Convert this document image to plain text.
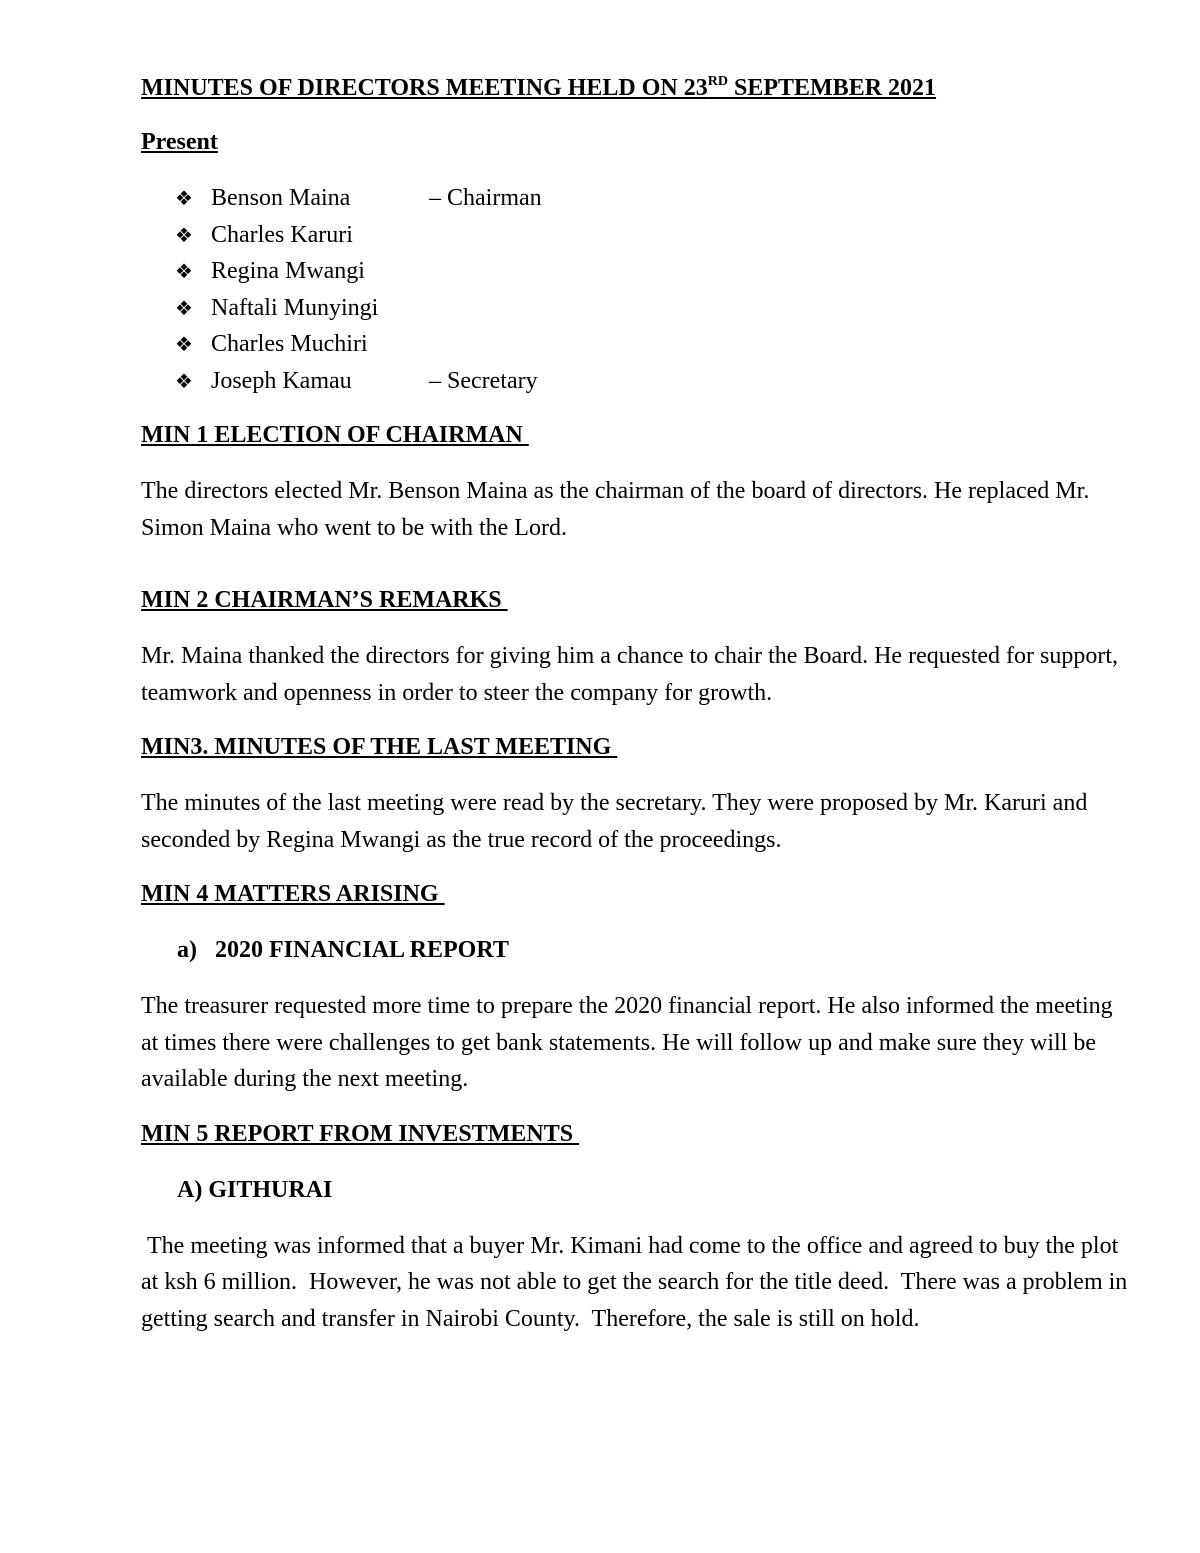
MINUTES OF DIRECTORS MEETING HELD ON 23RD SEPTEMBER 2021

Present

❖ Benson Maina	– Chairman
❖ Charles Karuri
❖ Regina Mwangi
❖ Naftali Munyingi
❖ Charles Muchiri
❖ Joseph Kamau	– Secretary

MIN 1 ELECTION OF CHAIRMAN

The directors elected Mr. Benson Maina as the chairman of the board of directors. He replaced Mr. Simon Maina who went to be with the Lord.

MIN 2 CHAIRMAN’S REMARKS

Mr. Maina thanked the directors for giving him a chance to chair the Board. He requested for support, teamwork and openness in order to steer the company for growth.

MIN3. MINUTES OF THE LAST MEETING

The minutes of the last meeting were read by the secretary. They were proposed by Mr. Karuri and seconded by Regina Mwangi as the true record of the proceedings.

MIN 4 MATTERS ARISING

a)   2020 FINANCIAL REPORT

The treasurer requested more time to prepare the 2020 financial report. He also informed the meeting at times there were challenges to get bank statements. He will follow up and make sure they will be available during the next meeting.

MIN 5 REPORT FROM INVESTMENTS

A) GITHURAI

The meeting was informed that a buyer Mr. Kimani had come to the office and agreed to buy the plot at ksh 6 million.  However, he was not able to get the search for the title deed.  There was a problem in getting search and transfer in Nairobi County.  Therefore, the sale is still on hold.
